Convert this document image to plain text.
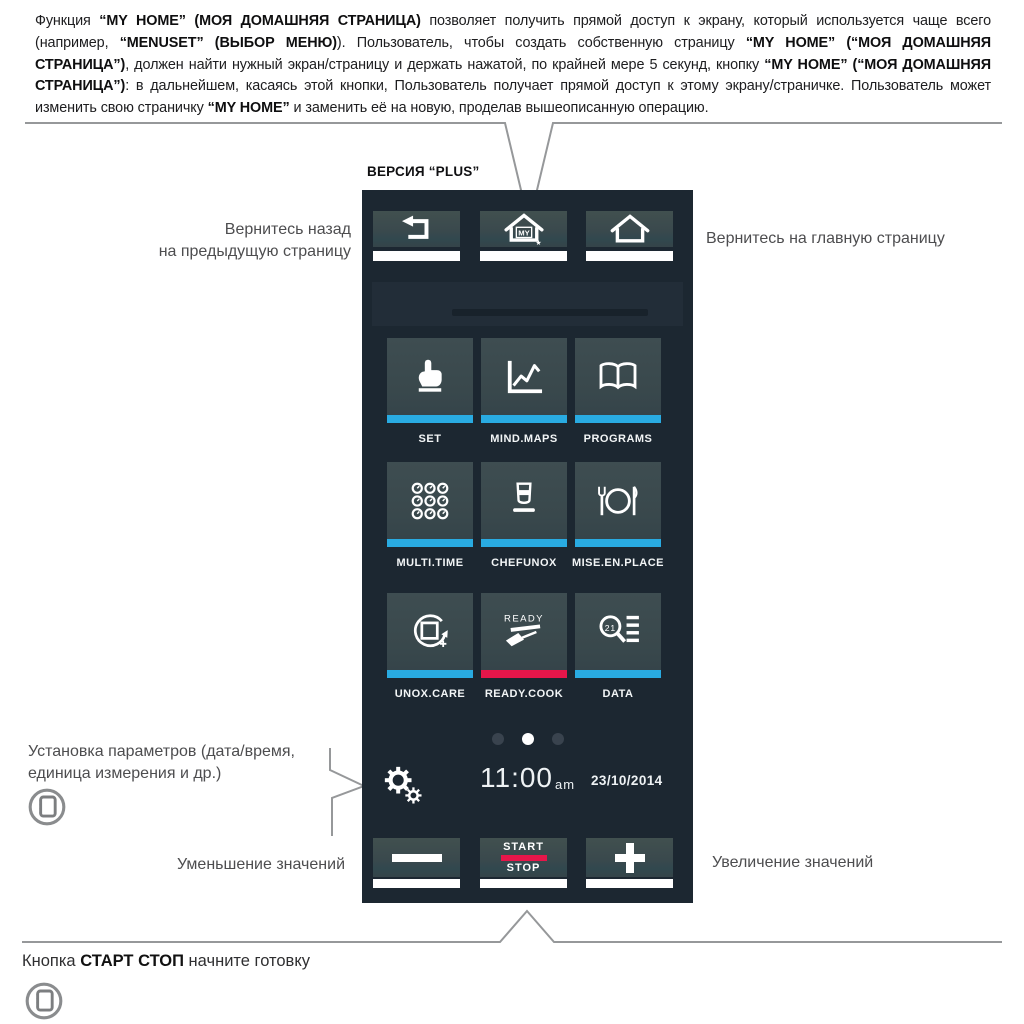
Функция “MY HOME” (МОЯ ДОМАШНЯЯ СТРАНИЦА) позволяет получить прямой доступ к экрану, который используется чаще всего (например, “MENUSET” (ВЫБОР МЕНЮ)). Пользователь, чтобы создать собственную страницу “MY HOME” (“МОЯ ДОМАШНЯЯ СТРАНИЦА”), должен найти нужный экран/страницу и держать нажатой, по крайней мере 5 секунд, кнопку “MY HOME” (“МОЯ ДОМАШНЯЯ СТРАНИЦА”): в дальнейшем, касаясь этой кнопки, Пользователь получает прямой доступ к этому экрану/страничке. Пользователь может изменить свою страничку “MY HOME” и заменить её на новую, проделав вышеописанную операцию.

ВЕРСИЯ “PLUS”
Вернитесь назад
на предыдущую страницу
Вернитесь на главную страницу
Установка параметров (дата/время,
единица измерения и др.)
Уменьшение значений	Увеличение значений
Кнопка СТАРТ СТОП начните готовку
MY
★
SET	MIND.MAPS	PROGRAMS
MULTI.TIME	CHEFUNOX	MISE.EN.PLACE
UNOX.CARE
READY
READY.COOK
21
DATA
11:00 am 23/10/2014
START
STOP
